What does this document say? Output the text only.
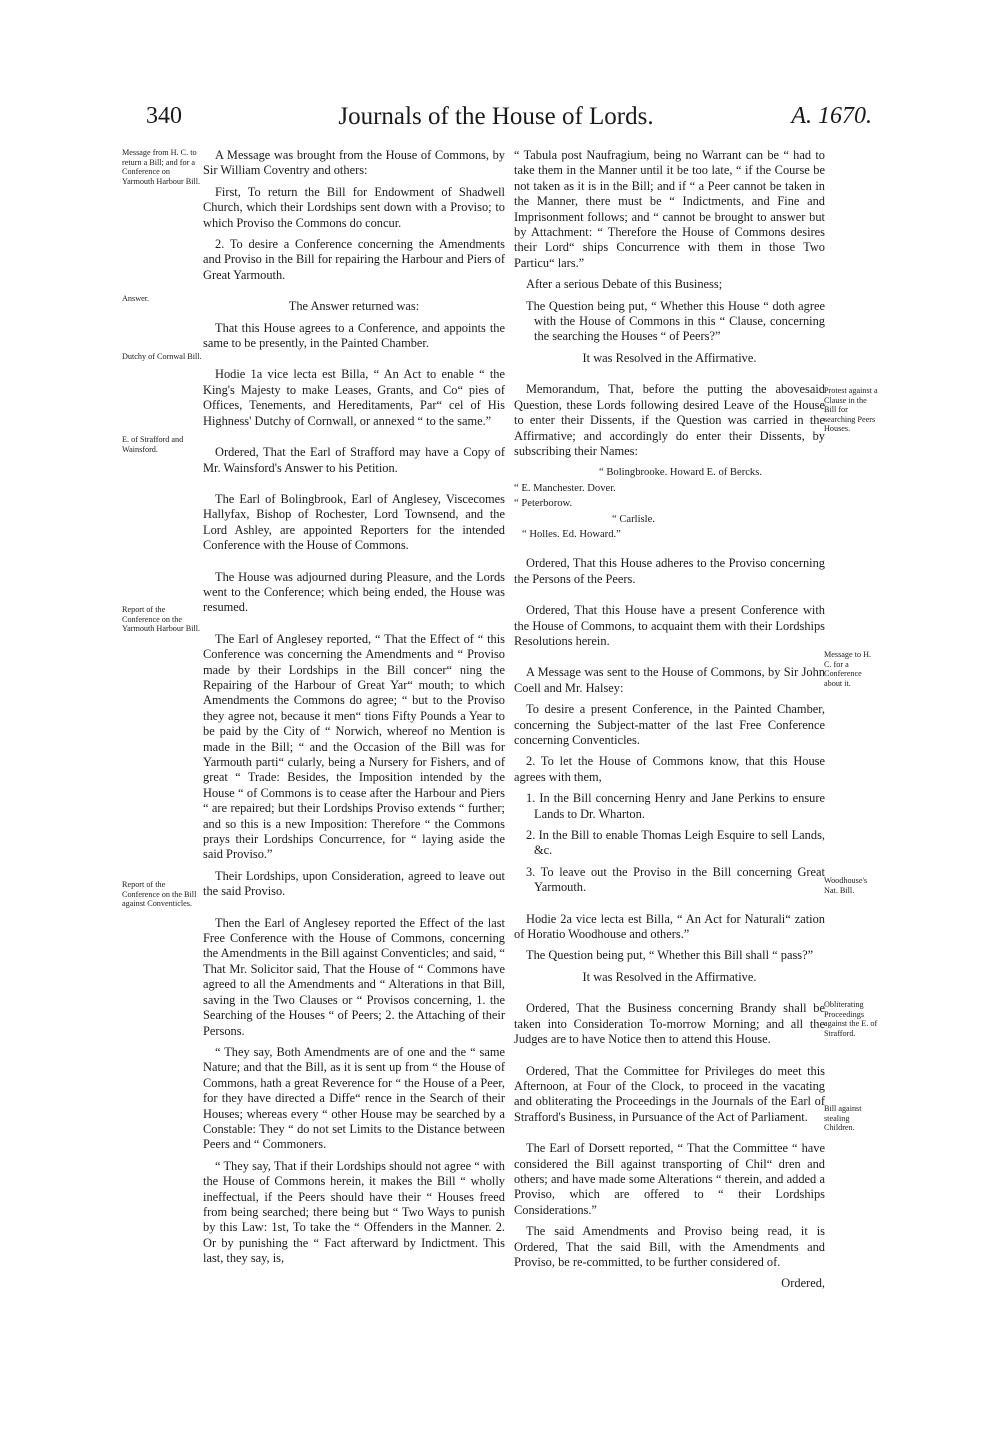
340	Journals of the House of Lords.	A. 1670.
Message from H. C. to return a Bill; and for a Conference on Yarmouth Harbour Bill.
Answer.
Dutchy of Cornwal Bill.
E. of Strafford and Wainsford.
Report of the Conference on the Yarmouth Harbour Bill.
Report of the Conference on the Bill against Conventicles.
Protest against a Clause in the Bill for searching Peers Houses.
Message to H. C. for a Conference about it.
Woodhouse's Nat. Bill.
Obliterating Proceedings against the E. of Strafford.
Bill against stealing Children.

A Message was brought from the House of Commons, by Sir William Coventry and others:

First, To return the Bill for Endowment of Shadwell Church, which their Lordships sent down with a Proviso; to which Proviso the Commons do concur.

2. To desire a Conference concerning the Amendments and Proviso in the Bill for repairing the Harbour and Piers of Great Yarmouth.

The Answer returned was:

That this House agrees to a Conference, and appoints the same to be presently, in the Painted Chamber.

Hodie 1a vice lecta est Billa, “ An Act to enable “ the King's Majesty to make Leases, Grants, and Co“ pies of Offices, Tenements, and Hereditaments, Par“ cel of His Highness' Dutchy of Cornwall, or annexed “ to the same.”

Ordered, That the Earl of Strafford may have a Copy of Mr. Wainsford's Answer to his Petition.

The Earl of Bolingbrook, Earl of Anglesey, Viscecomes Hallyfax, Bishop of Rochester, Lord Townsend, and the Lord Ashley, are appointed Reporters for the intended Conference with the House of Commons.

The House was adjourned during Pleasure, and the Lords went to the Conference; which being ended, the House was resumed.

The Earl of Anglesey reported, “ That the Effect of “ this Conference was concerning the Amendments and “ Proviso made by their Lordships in the Bill concer“ ning the Repairing of the Harbour of Great Yar“ mouth; to which Amendments the Commons do agree; “ but to the Proviso they agree not, because it men“ tions Fifty Pounds a Year to be paid by the City of “ Norwich, whereof no Mention is made in the Bill; “ and the Occasion of the Bill was for Yarmouth parti“ cularly, being a Nursery for Fishers, and of great “ Trade: Besides, the Imposition intended by the House “ of Commons is to cease after the Harbour and Piers “ are repaired; but their Lordships Proviso extends “ further; and so this is a new Imposition: Therefore “ the Commons prays their Lordships Concurrence, for “ laying aside the said Proviso.”

Their Lordships, upon Consideration, agreed to leave out the said Proviso.

Then the Earl of Anglesey reported the Effect of the last Free Conference with the House of Commons, concerning the Amendments in the Bill against Conventicles; and said, “ That Mr. Solicitor said, That the House of “ Commons have agreed to all the Amendments and “ Alterations in that Bill, saving in the Two Clauses or “ Provisos concerning, 1. the Searching of the Houses “ of Peers; 2. the Attaching of their Persons.

“ They say, Both Amendments are of one and the “ same Nature; and that the Bill, as it is sent up from “ the House of Commons, hath a great Reverence for “ the House of a Peer, for they have directed a Diffe“ rence in the Search of their Houses; whereas every “ other House may be searched by a Constable: They “ do not set Limits to the Distance between Peers and “ Commoners.

“ They say, That if their Lordships should not agree “ with the House of Commons herein, it makes the Bill “ wholly ineffectual, if the Peers should have their “ Houses freed from being searched; there being but “ Two Ways to punish by this Law: 1st, To take the “ Offenders in the Manner. 2. Or by punishing the “ Fact afterward by Indictment. This last, they say, is,

“ Tabula post Naufragium, being no Warrant can be “ had to take them in the Manner until it be too late, “ if the Course be not taken as it is in the Bill; and if “ a Peer cannot be taken in the Manner, there must be “ Indictments, and Fine and Imprisonment follows; and “ cannot be brought to answer but by Attachment: “ Therefore the House of Commons desires their Lord“ ships Concurrence with them in those Two Particu“ lars.”

After a serious Debate of this Business;

The Question being put, “ Whether this House “ doth agree with the House of Commons in this “ Clause, concerning the searching the Houses “ of Peers?”

It was Resolved in the Affirmative.

Memorandum, That, before the putting the abovesaid Question, these Lords following desired Leave of the House to enter their Dissents, if the Question was carried in the Affirmative; and accordingly do enter their Dissents, by subscribing their Names:

“ Bolingbrooke. Howard E. of Bercks.

“ E. Manchester. Dover.

“ Peterborow.

“ Carlisle.

“ Holles. Ed. Howard.”

Ordered, That this House adheres to the Proviso concerning the Persons of the Peers.

Ordered, That this House have a present Conference with the House of Commons, to acquaint them with their Lordships Resolutions herein.

A Message was sent to the House of Commons, by Sir John Coell and Mr. Halsey:

To desire a present Conference, in the Painted Chamber, concerning the Subject-matter of the last Free Conference concerning Conventicles.

2. To let the House of Commons know, that this House agrees with them,

1. In the Bill concerning Henry and Jane Perkins to ensure Lands to Dr. Wharton.

2. In the Bill to enable Thomas Leigh Esquire to sell Lands, &c.

3. To leave out the Proviso in the Bill concerning Great Yarmouth.

Hodie 2a vice lecta est Billa, “ An Act for Naturali“ zation of Horatio Woodhouse and others.”

The Question being put, “ Whether this Bill shall “ pass?”

It was Resolved in the Affirmative.

Ordered, That the Business concerning Brandy shall be taken into Consideration To-morrow Morning; and all the Judges are to have Notice then to attend this House.

Ordered, That the Committee for Privileges do meet this Afternoon, at Four of the Clock, to proceed in the vacating and obliterating the Proceedings in the Journals of the Earl of Strafford's Business, in Pursuance of the Act of Parliament.

The Earl of Dorsett reported, “ That the Committee “ have considered the Bill against transporting of Chil“ dren and others; and have made some Alterations “ therein, and added a Proviso, which are offered to “ their Lordships Considerations.”

The said Amendments and Proviso being read, it is Ordered, That the said Bill, with the Amendments and Proviso, be re-committed, to be further considered of.

Ordered,
